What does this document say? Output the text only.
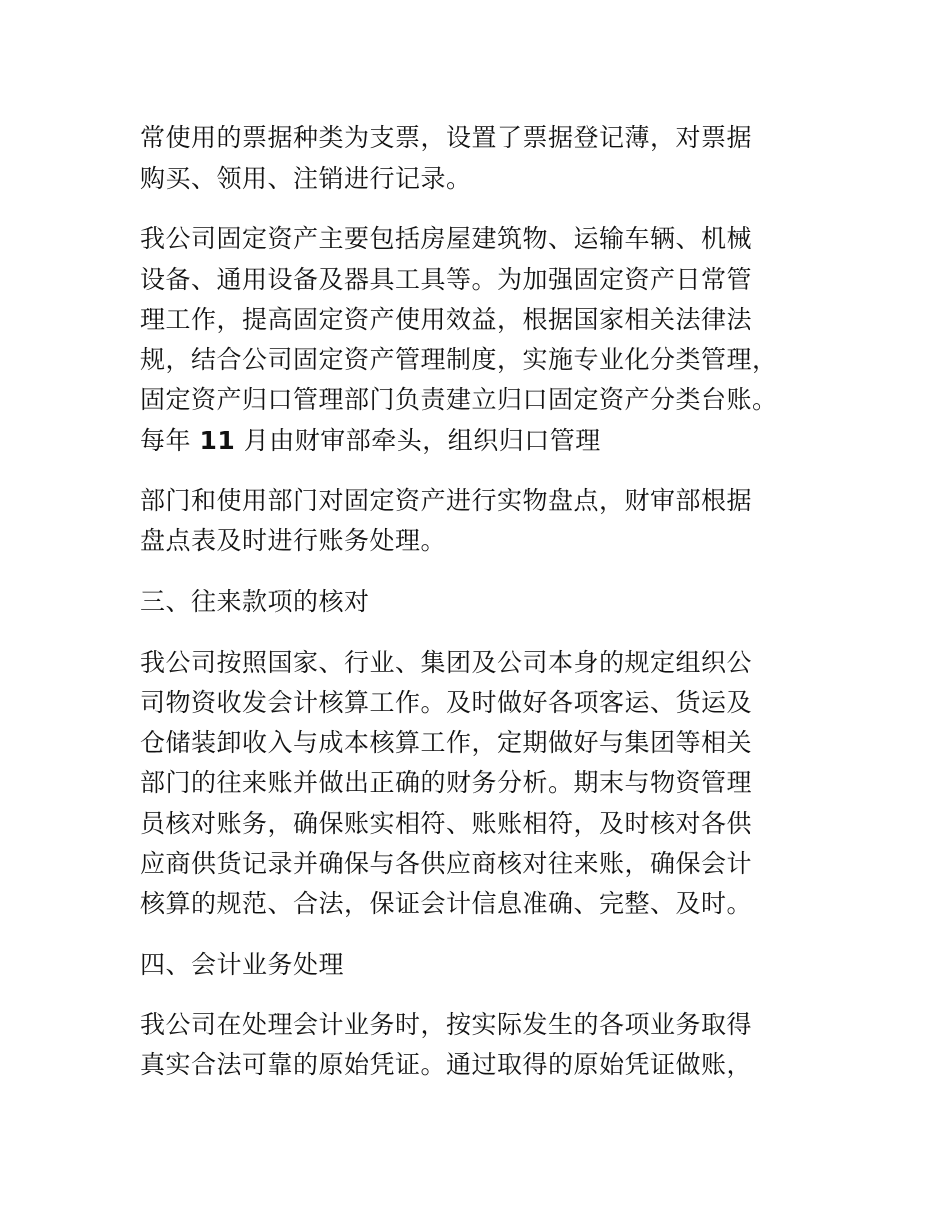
常使用的票据种类为支票，设置了票据登记薄，对票据

购买、领用、注销进行记录。

我公司固定资产主要包括房屋建筑物、运输车辆、机械

设备、通用设备及器具工具等。为加强固定资产日常管

理工作，提高固定资产使用效益，根据国家相关法律法

规，结合公司固定资产管理制度，实施专业化分类管理，

固定资产归口管理部门负责建立归口固定资产分类台账。

每年 11 月由财审部牵头，组织归口管理

部门和使用部门对固定资产进行实物盘点，财审部根据

盘点表及时进行账务处理。

三、往来款项的核对

我公司按照国家、行业、集团及公司本身的规定组织公

司物资收发会计核算工作。及时做好各项客运、货运及

仓储装卸收入与成本核算工作，定期做好与集团等相关

部门的往来账并做出正确的财务分析。期末与物资管理

员核对账务，确保账实相符、账账相符，及时核对各供

应商供货记录并确保与各供应商核对往来账，确保会计

核算的规范、合法，保证会计信息准确、完整、及时。

四、会计业务处理

我公司在处理会计业务时，按实际发生的各项业务取得

真实合法可靠的原始凭证。通过取得的原始凭证做账，
